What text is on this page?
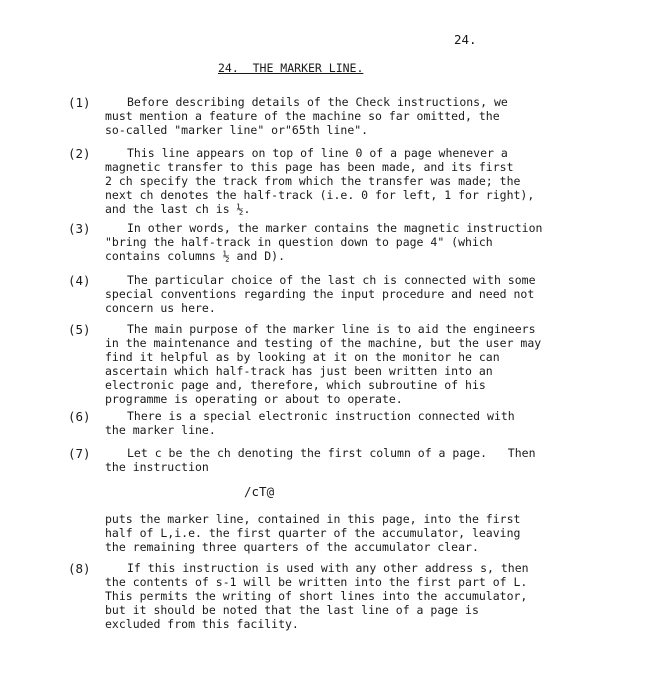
24.
24.  THE MARKER LINE.
(1)	Before describing details of the Check instructions, we
must mention a feature of the machine so far omitted, the
so-called "marker line" or"65th line".
(2)	This line appears on top of line 0 of a page whenever a
magnetic transfer to this page has been made, and its first
2 ch specify the track from which the transfer was made; the
next ch denotes the half-track (i.e. 0 for left, 1 for right),
and the last ch is ½.
(3)	In other words, the marker contains the magnetic instruction
"bring the half-track in question down to page 4" (which
contains columns ½ and D).
(4)	The particular choice of the last ch is connected with some
special conventions regarding the input procedure and need not
concern us here.
(5)	The main purpose of the marker line is to aid the engineers
in the maintenance and testing of the machine, but the user may
find it helpful as by looking at it on the monitor he can
ascertain which half-track has just been written into an
electronic page and, therefore, which subroutine of his
programme is operating or about to operate.
(6)	There is a special electronic instruction connected with
the marker line.
(7)	Let c be the ch denoting the first column of a page.   Then
the instruction
/cT@
puts the marker line, contained in this page, into the first
half of L,i.e. the first quarter of the accumulator, leaving
the remaining three quarters of the accumulator clear.
(8)	If this instruction is used with any other address s, then
the contents of s-1 will be written into the first part of L.
This permits the writing of short lines into the accumulator,
but it should be noted that the last line of a page is
excluded from this facility.
